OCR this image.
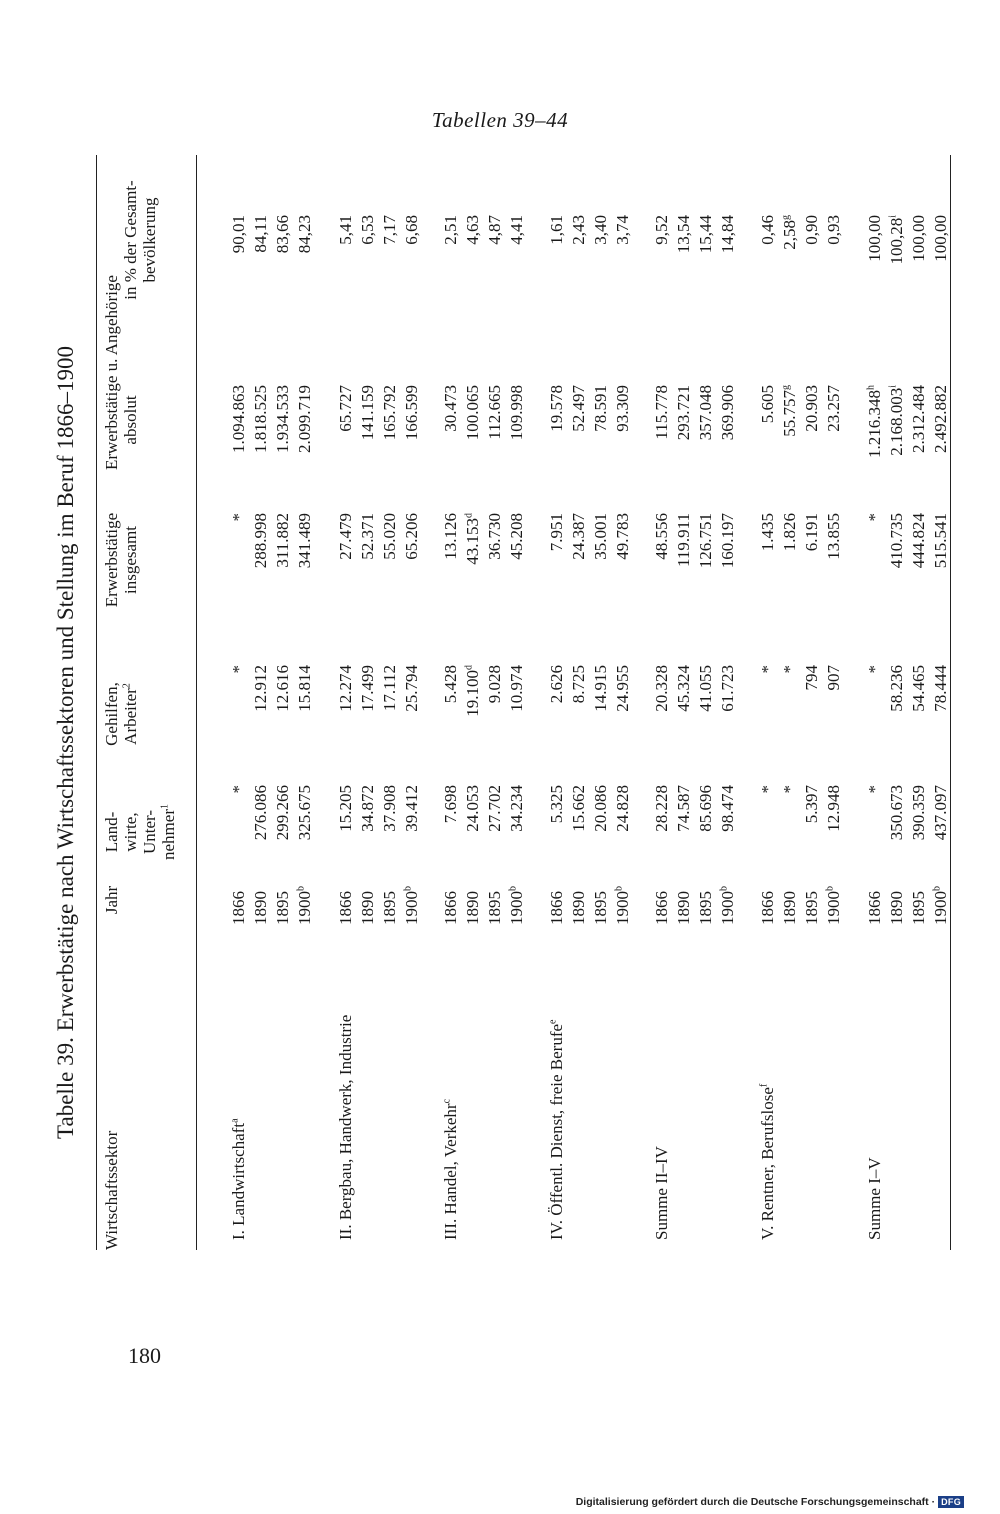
Tabellen 39–44
Tabelle 39. Erwerbstätige nach Wirtschaftssektoren und Stellung im Beruf 1866–1900
Wirtschaftssektor
Jahr
Land- wirte, Unter- nehmer$^1$
Gehilfen, Arbeiter$^2$
Erwerbstätige insgesamt
Erwerbstätige u. Angehörige absolut
in % der Gesamt- bevölkerung
I. Landwirtschaft$^a$
1866
*
*
*
1.094.863
90,01
1890
276.086
12.912
288.998
1.818.525
84,11
1895
299.266
12.616
311.882
1.934.533
83,66
1900$^b$
325.675
15.814
341.489
2.099.719
84,23
II. Bergbau, Handwerk, Industrie
1866
15.205
12.274
27.479
65.727
5,41
1890
34.872
17.499
52.371
141.159
6,53
1895
37.908
17.112
55.020
165.792
7,17
1900$^b$
39.412
25.794
65.206
166.599
6,68
III. Handel, Verkehr$^c$
1866
7.698
5.428
13.126
30.473
2,51
1890
24.053
19.100$^d$
43.153$^d$
100.065
4,63
1895
27.702
9.028
36.730
112.665
4,87
1900$^b$
34.234
10.974
45.208
109.998
4,41
IV. Öffentl. Dienst, freie Berufe$^e$
1866
5.325
2.626
7.951
19.578
1,61
1890
15.662
8.725
24.387
52.497
2,43
1895
20.086
14.915
35.001
78.591
3,40
1900$^b$
24.828
24.955
49.783
93.309
3,74
Summe II–IV
1866
28.228
20.328
48.556
115.778
9,52
1890
74.587
45.324
119.911
293.721
13,54
1895
85.696
41.055
126.751
357.048
15,44
1900$^b$
98.474
61.723
160.197
369.906
14,84
V. Rentner, Berufslose$^f$
1866
*
*
1.435
5.605
0,46
1890
*
*
1.826
55.757$^g$
2,58$^g$
1895
5.397
794
6.191
20.903
0,90
1900$^b$
12.948
907
13.855
23.257
0,93
Summe I–V
1866
*
*
*
1.216.348$^h$
100,00
1890
350.673
58.236
410.735
2.168.003$^i$
100,28$^i$
1895
390.359
54.465
444.824
2.312.484
100,00
1900$^b$
437.097
78.444
515.541
2.492.882
100,00
180
Digitalisierung gefördert durch die Deutsche Forschungsgemeinschaft · DFG
